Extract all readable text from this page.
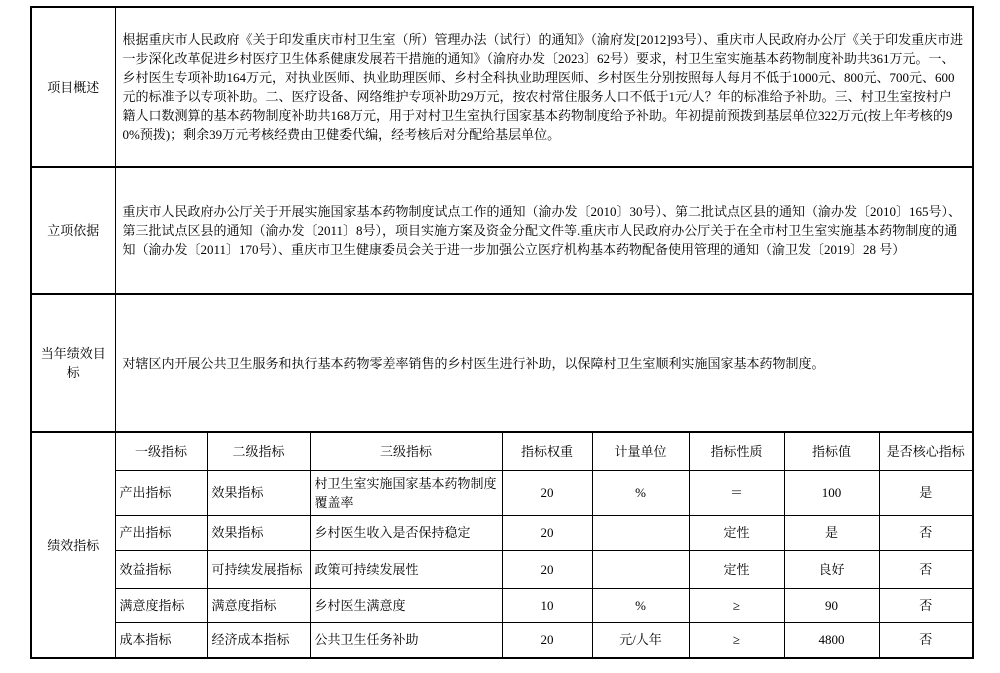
项目概述	根据重庆市人民政府《关于印发重庆市村卫生室（所）管理办法（试行）的通知》（渝府发[2012]93号）、重庆市人民政府办公厅《关于印发重庆市进一步深化改革促进乡村医疗卫生体系健康发展若干措施的通知》（渝府办发〔2023〕62号）要求，村卫生室实施基本药物制度补助共361万元。一、乡村医生专项补助164万元，对执业医师、执业助理医师、乡村全科执业助理医师、乡村医生分别按照每人每月不低于1000元、800元、700元、600元的标准予以专项补助。二、医疗设备、网络维护专项补助29万元，按农村常住服务人口不低于1元/人？年的标准给予补助。三、村卫生室按村户籍人口数测算的基本药物制度补助共168万元，用于对村卫生室执行国家基本药物制度给予补助。年初提前预拨到基层单位322万元(按上年考核的90%预拨)；剩余39万元考核经费由卫健委代编，经考核后对分配给基层单位。							
立项依据	重庆市人民政府办公厅关于开展实施国家基本药物制度试点工作的通知（渝办发〔2010〕30号）、第二批试点区县的通知（渝办发〔2010〕165号）、第三批试点区县的通知（渝办发〔2011〕8号），项目实施方案及资金分配文件等.重庆市人民政府办公厅关于在全市村卫生室实施基本药物制度的通知（渝办发〔2011〕170号）、重庆市卫生健康委员会关于进一步加强公立医疗机构基本药物配备使用管理的通知（渝卫发〔2019〕28 号）							
当年绩效目标	对辖区内开展公共卫生服务和执行基本药物零差率销售的乡村医生进行补助，以保障村卫生室顺利实施国家基本药物制度。							
绩效指标	一级指标	二级指标	三级指标	指标权重	计量单位	指标性质	指标值	是否核心指标
	产出指标	效果指标	村卫生室实施国家基本药物制度覆盖率	20	%	＝	100	是
	产出指标	效果指标	乡村医生收入是否保持稳定	20		定性	是	否
	效益指标	可持续发展指标	政策可持续发展性	20		定性	良好	否
	满意度指标	满意度指标	乡村医生满意度	10	%	≥	90	否
	成本指标	经济成本指标	公共卫生任务补助	20	元/人年	≥	4800	否
